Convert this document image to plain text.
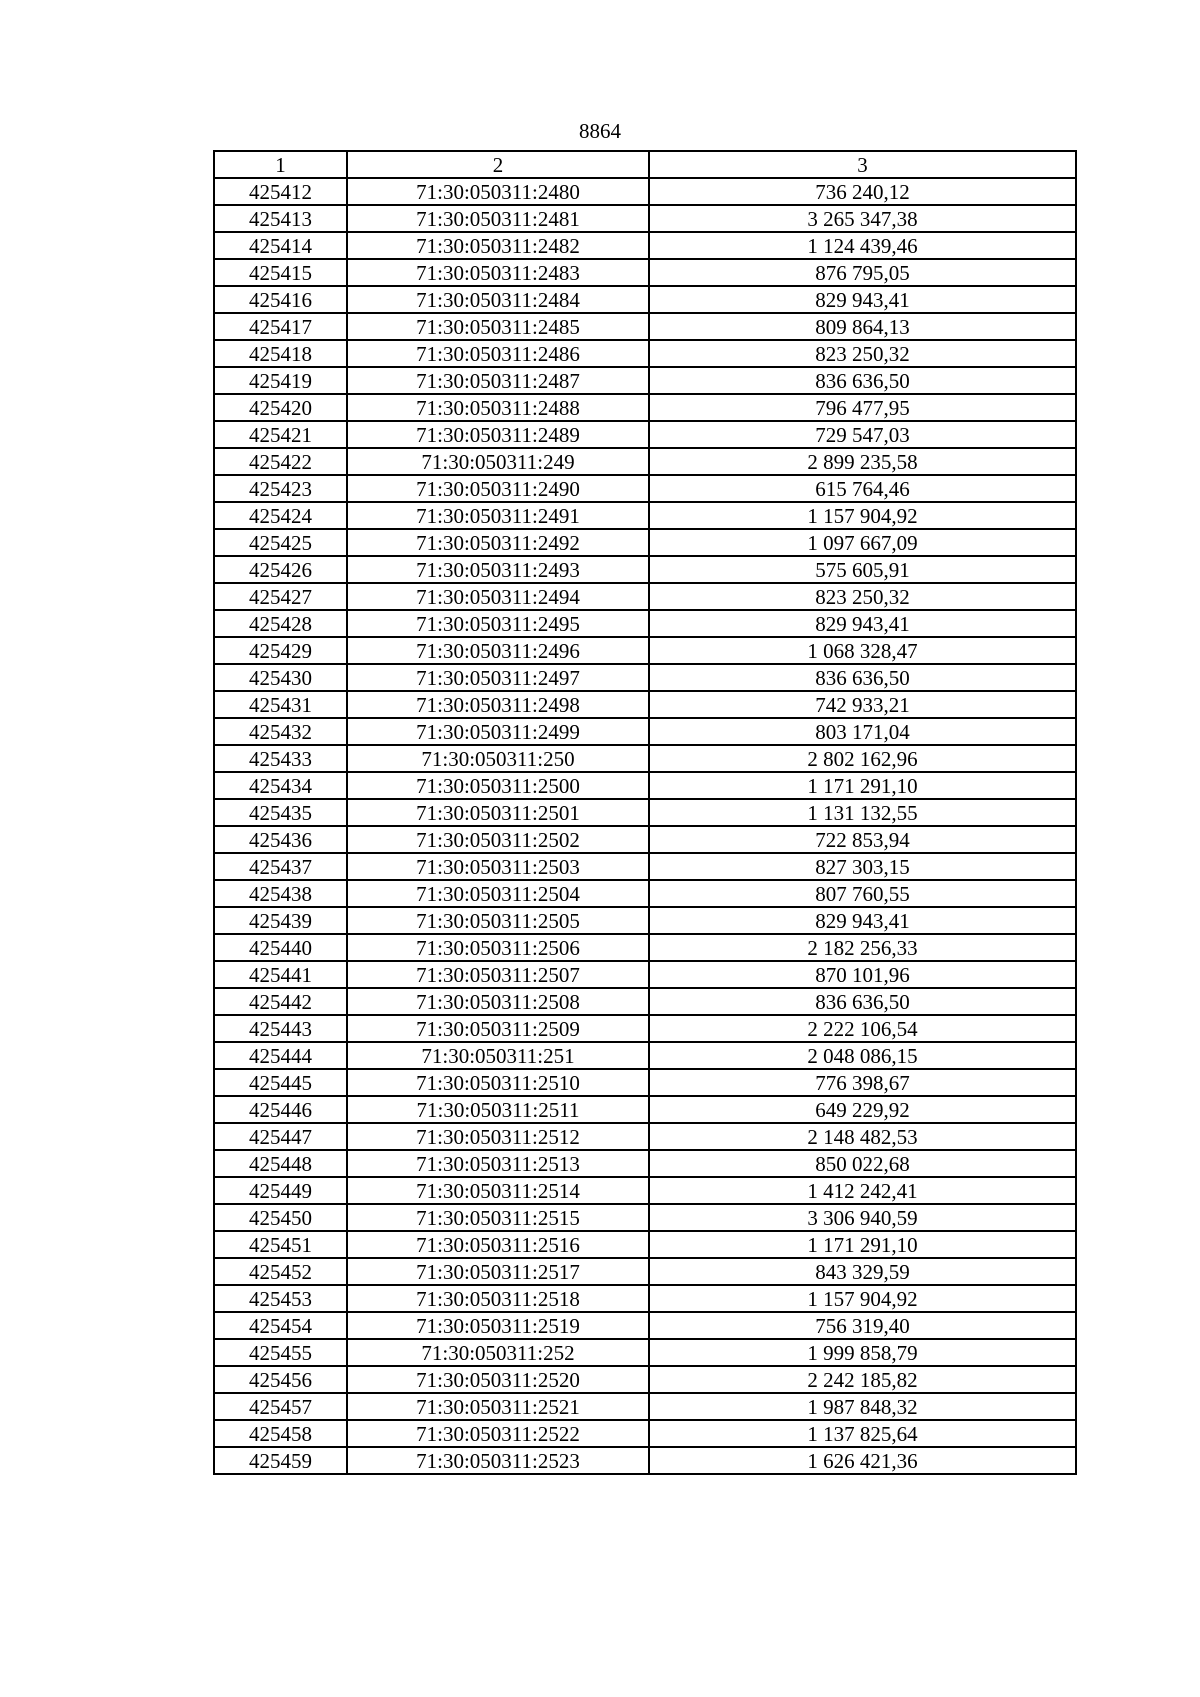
8864
1	2	3
425412	71:30:050311:2480	736 240,12
425413	71:30:050311:2481	3 265 347,38
425414	71:30:050311:2482	1 124 439,46
425415	71:30:050311:2483	876 795,05
425416	71:30:050311:2484	829 943,41
425417	71:30:050311:2485	809 864,13
425418	71:30:050311:2486	823 250,32
425419	71:30:050311:2487	836 636,50
425420	71:30:050311:2488	796 477,95
425421	71:30:050311:2489	729 547,03
425422	71:30:050311:249	2 899 235,58
425423	71:30:050311:2490	615 764,46
425424	71:30:050311:2491	1 157 904,92
425425	71:30:050311:2492	1 097 667,09
425426	71:30:050311:2493	575 605,91
425427	71:30:050311:2494	823 250,32
425428	71:30:050311:2495	829 943,41
425429	71:30:050311:2496	1 068 328,47
425430	71:30:050311:2497	836 636,50
425431	71:30:050311:2498	742 933,21
425432	71:30:050311:2499	803 171,04
425433	71:30:050311:250	2 802 162,96
425434	71:30:050311:2500	1 171 291,10
425435	71:30:050311:2501	1 131 132,55
425436	71:30:050311:2502	722 853,94
425437	71:30:050311:2503	827 303,15
425438	71:30:050311:2504	807 760,55
425439	71:30:050311:2505	829 943,41
425440	71:30:050311:2506	2 182 256,33
425441	71:30:050311:2507	870 101,96
425442	71:30:050311:2508	836 636,50
425443	71:30:050311:2509	2 222 106,54
425444	71:30:050311:251	2 048 086,15
425445	71:30:050311:2510	776 398,67
425446	71:30:050311:2511	649 229,92
425447	71:30:050311:2512	2 148 482,53
425448	71:30:050311:2513	850 022,68
425449	71:30:050311:2514	1 412 242,41
425450	71:30:050311:2515	3 306 940,59
425451	71:30:050311:2516	1 171 291,10
425452	71:30:050311:2517	843 329,59
425453	71:30:050311:2518	1 157 904,92
425454	71:30:050311:2519	756 319,40
425455	71:30:050311:252	1 999 858,79
425456	71:30:050311:2520	2 242 185,82
425457	71:30:050311:2521	1 987 848,32
425458	71:30:050311:2522	1 137 825,64
425459	71:30:050311:2523	1 626 421,36
